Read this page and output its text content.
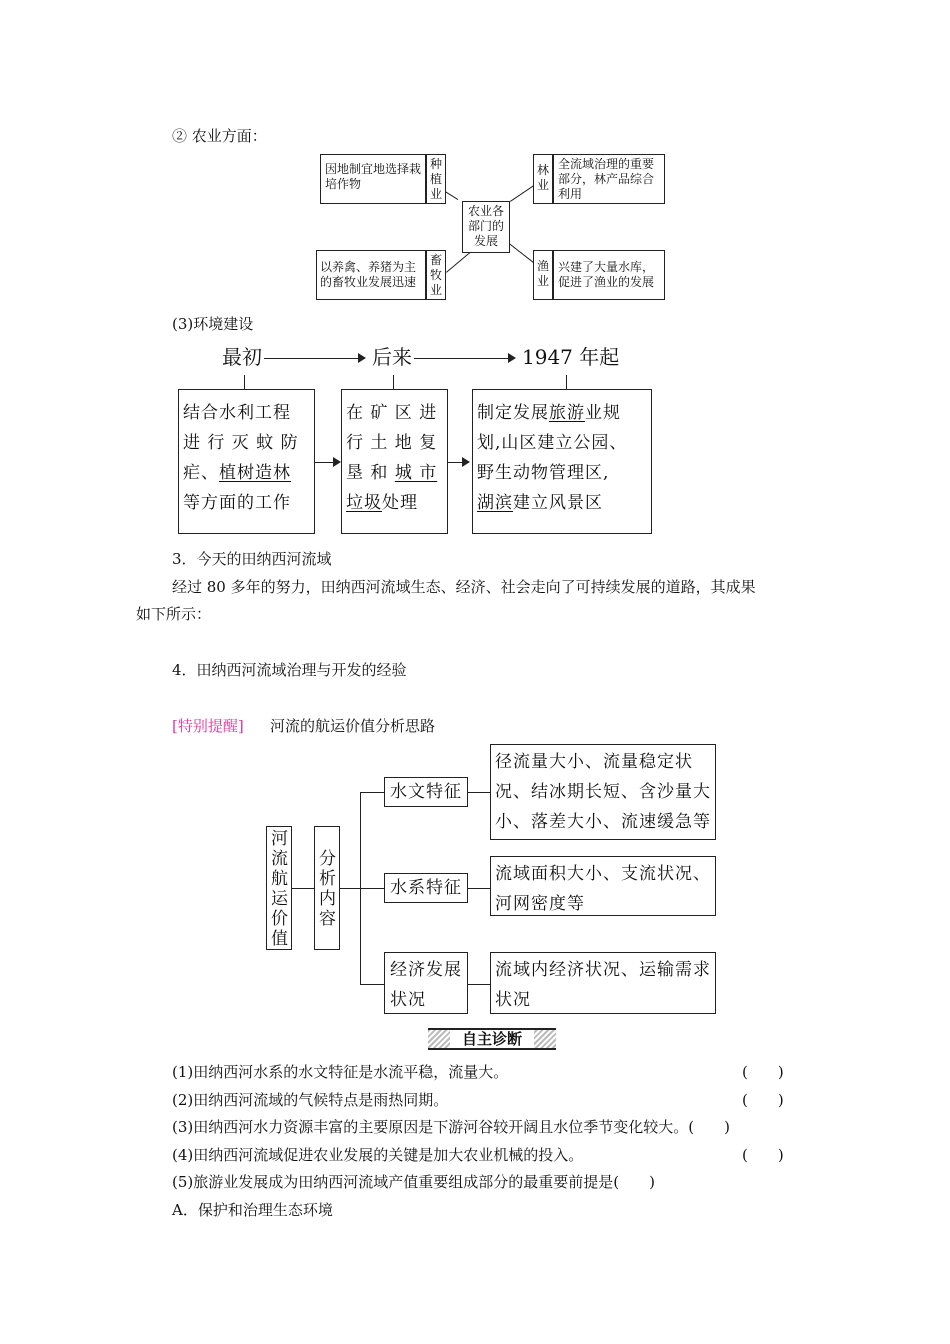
② 农业方面：
因地制宜地选择栽培作物
种植业
林业
全流域治理的重要部分，林产品综合利用
农业各部门的发展
以养禽、养猪为主的畜牧业发展迅速
畜牧业
渔业
兴建了大量水库，促进了渔业的发展
(3)环境建设
最初	后来	1947 年起
结合水利工程
进 行 灭 蚊 防
疟、植树造林
等方面的工作
在 矿 区 进
行 土 地 复
垦 和 城 市
垃圾处理
制定发展旅游业规
划,山区建立公园、
野生动物管理区,
湖滨建立风景区
3．今天的田纳西河流域
经过 80 多年的努力，田纳西河流域生态、经济、社会走向了可持续发展的道路，其成果
如下所示：
4．田纳西河流域治理与开发的经验
[特别提醒] 河流的航运价值分析思路
河流航运价值
分析内容
水文特征
径流量大小、流量稳定状况、结冰期长短、含沙量大小、落差大小、流速缓急等
水系特征
流域面积大小、支流状况、河网密度等
经济发展状况
流域内经济状况、运输需求状况
自主诊断
(1)田纳西河水系的水文特征是水流平稳，流量大。	(　　)
(2)田纳西河流域的气候特点是雨热同期。	(　　)
(3)田纳西河水力资源丰富的主要原因是下游河谷较开阔且水位季节变化较大。(　　)
(4)田纳西河流域促进农业发展的关键是加大农业机械的投入。	(　　)
(5)旅游业发展成为田纳西河流域产值重要组成部分的最重要前提是(　　)
A．保护和治理生态环境
